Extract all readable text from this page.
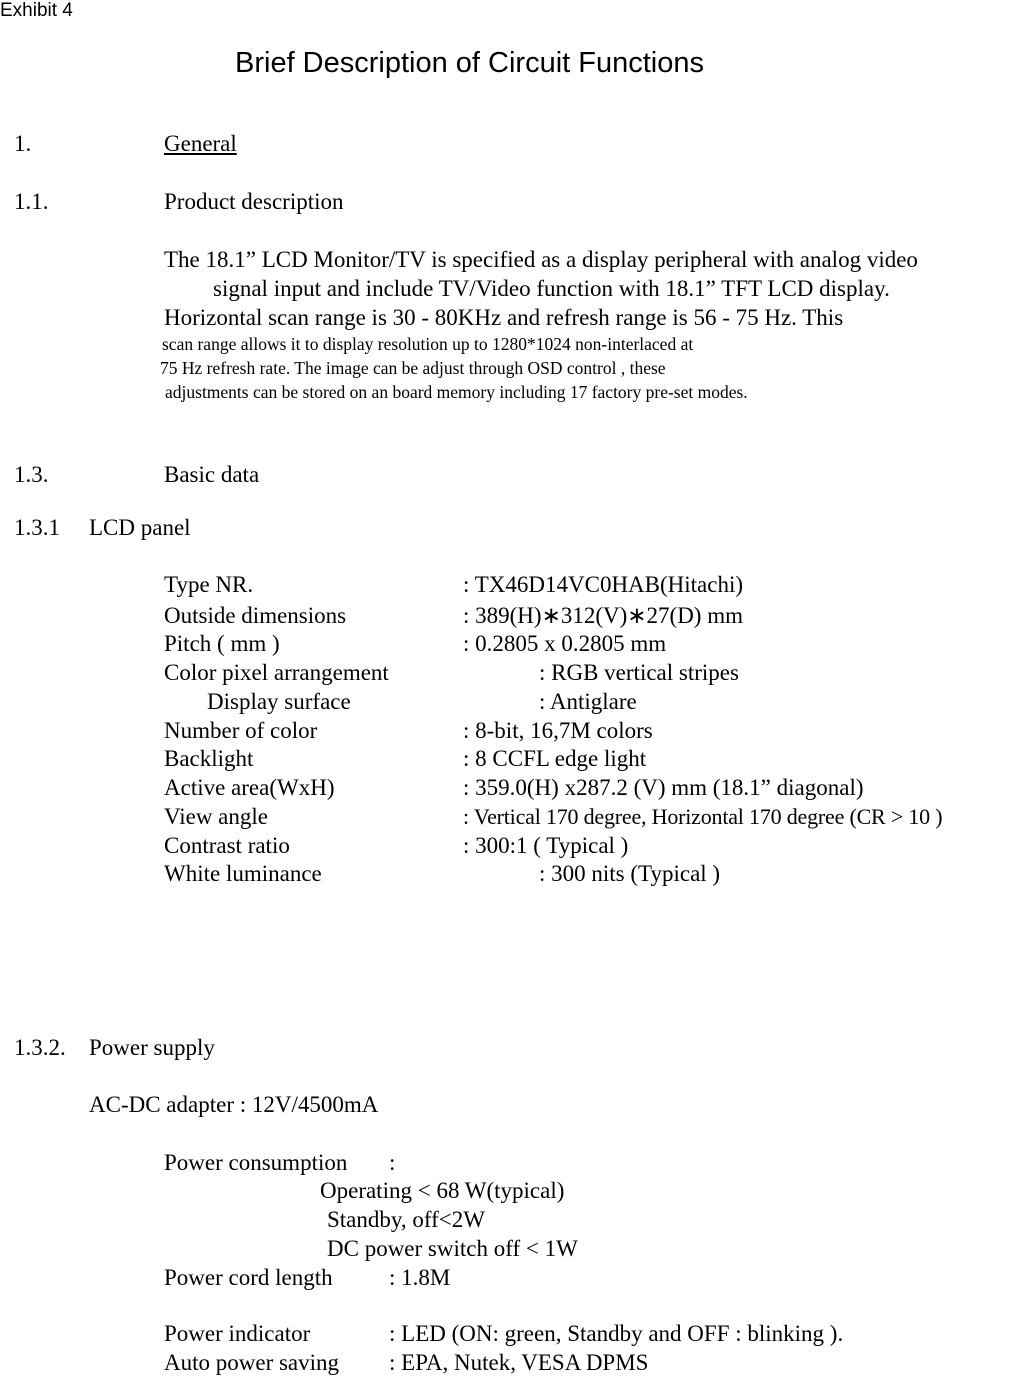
Exhibit 4
Brief Description of Circuit Functions
1.	General
1.1.	Product description
The 18.1” LCD Monitor/TV is specified as a display peripheral with analog video
signal input and include TV/Video function with 18.1” TFT LCD display.
Horizontal scan range is 30 - 80KHz and refresh range is 56 - 75 Hz. This
scan range allows it to display resolution up to 1280*1024 non-interlaced at
75 Hz refresh rate. The image can be adjust through OSD control , these
adjustments can be stored on an board memory including 17 factory pre-set modes.
1.3.	Basic data
1.3.1 LCD panel
Type NR.	: TX46D14VC0HAB(Hitachi)
Outside dimensions	: 389(H)∗312(V)∗27(D) mm
Pitch ( mm )	: 0.2805 x 0.2805 mm
Color pixel arrangement	: RGB vertical stripes
Display surface	: Antiglare
Number of color	: 8-bit, 16,7M colors
Backlight	: 8 CCFL edge light
Active area(WxH)	: 359.0(H) x287.2 (V) mm (18.1” diagonal)
View angle	: Vertical 170 degree, Horizontal 170 degree (CR > 10 )
Contrast ratio	: 300:1 ( Typical )
White luminance	: 300 nits (Typical )
1.3.2. Power supply
AC-DC adapter : 12V/4500mA
Power consumption :
Operating < 68 W(typical)
Standby, off<2W
DC power switch off < 1W
Power cord length : 1.8M
Power indicator	: LED (ON: green, Standby and OFF : blinking ).
Auto power saving : EPA, Nutek, VESA DPMS
